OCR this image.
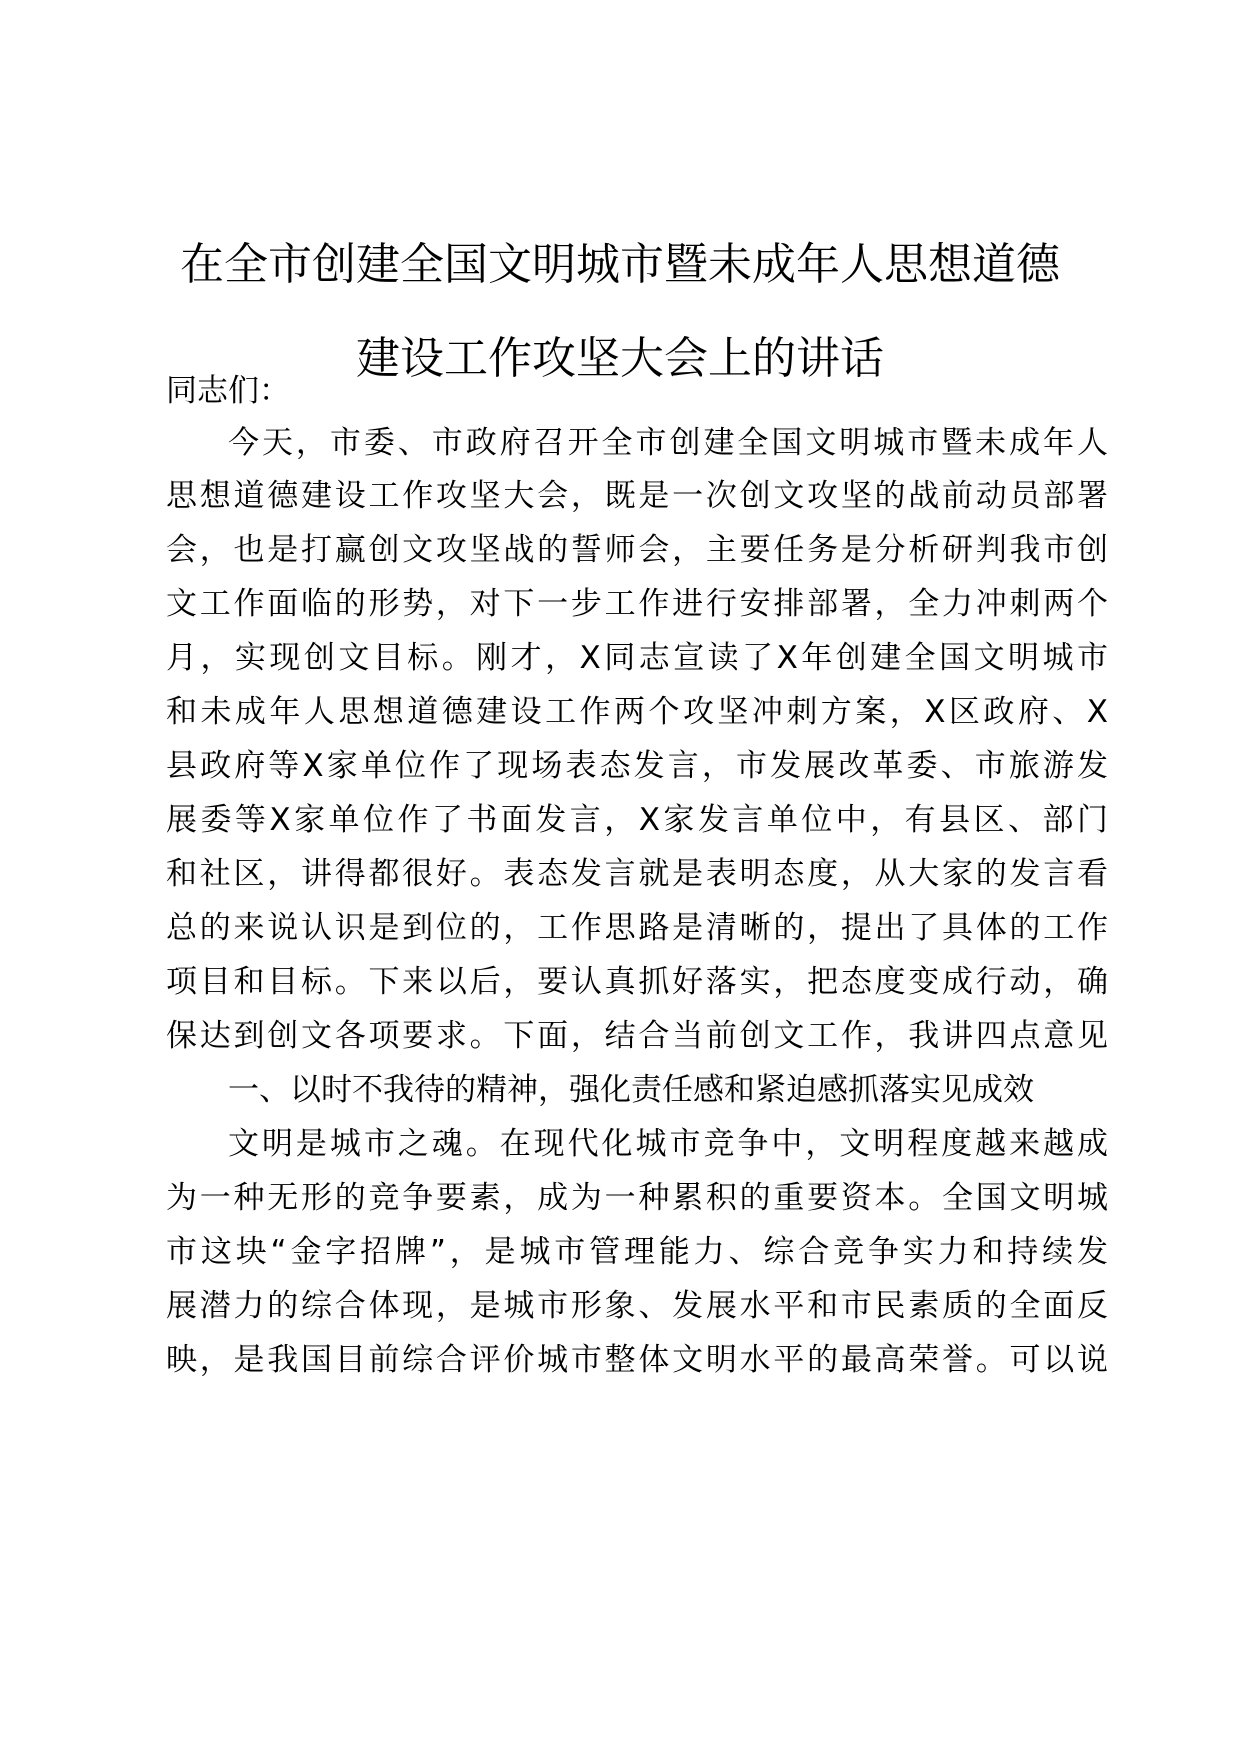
在全市创建全国文明城市暨未成年人思想道德
建设工作攻坚大会上的讲话

同志们：

今天，市委、市政府召开全市创建全国文明城市暨未成年人

思想道德建设工作攻坚大会，既是一次创文攻坚的战前动员部署

会，也是打赢创文攻坚战的誓师会，主要任务是分析研判我市创

文工作面临的形势，对下一步工作进行安排部署，全力冲刺两个

月，实现创文目标。刚才，X同志宣读了X年创建全国文明城市

和未成年人思想道德建设工作两个攻坚冲刺方案，X区政府、X

县政府等X家单位作了现场表态发言，市发展改革委、市旅游发

展委等X家单位作了书面发言，X家发言单位中，有县区、部门

和社区，讲得都很好。表态发言就是表明态度，从大家的发言看

总的来说认识是到位的，工作思路是清晰的，提出了具体的工作

项目和目标。下来以后，要认真抓好落实，把态度变成行动，确

保达到创文各项要求。下面，结合当前创文工作，我讲四点意见

一、以时不我待的精神，强化责任感和紧迫感抓落实见成效

文明是城市之魂。在现代化城市竞争中，文明程度越来越成

为一种无形的竞争要素，成为一种累积的重要资本。全国文明城

市这块“金字招牌”，是城市管理能力、综合竞争实力和持续发

展潜力的综合体现，是城市形象、发展水平和市民素质的全面反

映，是我国目前综合评价城市整体文明水平的最高荣誉。可以说
